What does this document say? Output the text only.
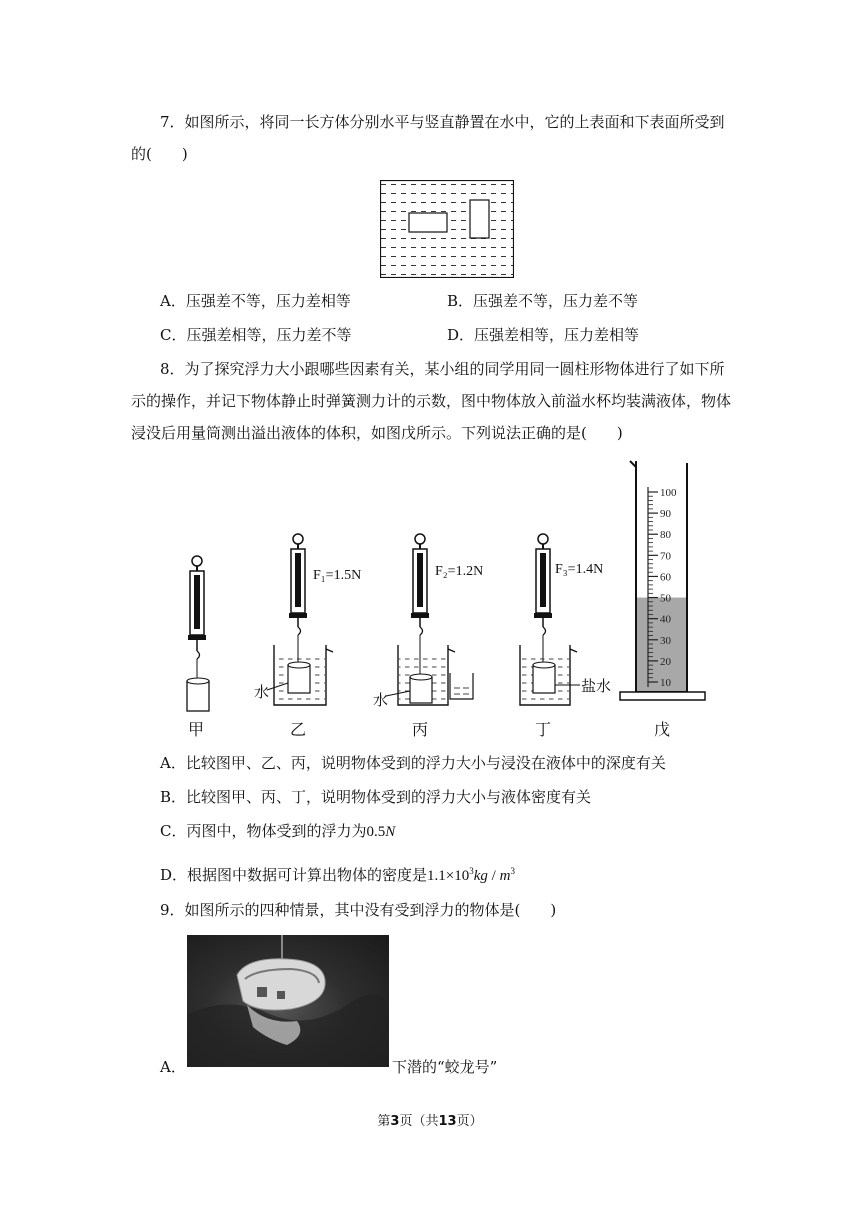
7．如图所示，将同一长方体分别水平与竖直静置在水中，它的上表面和下表面所受到
的(　　)
A．压强差不等，压力差相等	B．压强差不等，压力差不等
C．压强差相等，压力差不等	D．压强差相等，压力差相等
8．为了探究浮力大小跟哪些因素有关，某小组的同学用同一圆柱形物体进行了如下所
示的操作，并记下物体静止时弹簧测力计的示数，图中物体放入前溢水杯均装满液体，物体
浸没后用量筒测出溢出液体的体积，如图戊所示。下列说法正确的是(　　)
100
90
80
70
60
50
40
30
20
10
F₁=1.5N	F₂=1.2N	F₃=1.4N
水	水
盐水
甲	乙	丙	丁	戊
A．比较图甲、乙、丙，说明物体受到的浮力大小与浸没在液体中的深度有关
B．比较图甲、丙、丁，说明物体受到的浮力大小与液体密度有关
C．丙图中，物体受到的浮力为0.5N
D．根据图中数据可计算出物体的密度是$1.1\times 10^3kg / m^3$
9．如图所示的四种情景，其中没有受到浮力的物体是(　　)
A．	下潜的“蛟龙号”
第3页（共13页）
